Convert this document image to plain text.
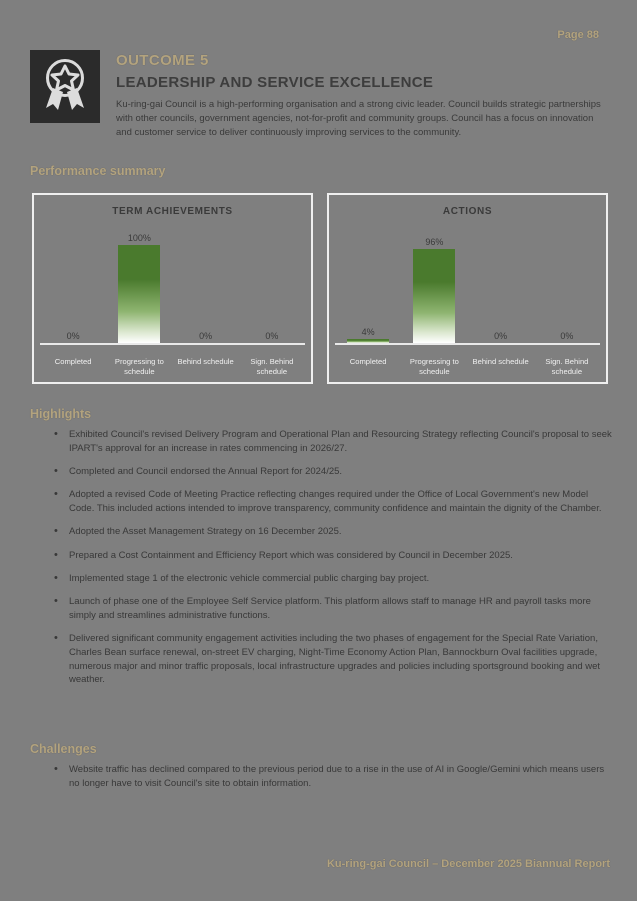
Page 88
OUTCOME 5
LEADERSHIP AND SERVICE EXCELLENCE
Ku-ring-gai Council is a high-performing organisation and a strong civic leader. Council builds strategic partnerships with other councils, government agencies, not-for-profit and community groups. Council has a focus on innovation and customer service to deliver continuously improving services to the community.
Performance summary
TERM ACHIEVEMENTS
0%
100%
0%	0%
Completed	Progressing to schedule
Behind schedule	Sign. Behind schedule
ACTIONS
4%
96%
0%	0%
Completed	Progressing to schedule
Behind schedule	Sign. Behind schedule
Highlights
• Exhibited Council's revised Delivery Program and Operational Plan and Resourcing Strategy reflecting Council's proposal to seek IPART's approval for an increase in rates commencing in 2026/27.
• Completed and Council endorsed the Annual Report for 2024/25.
• Adopted a revised Code of Meeting Practice reflecting changes required under the Office of Local Government's new Model Code. This included actions intended to improve transparency, community confidence and maintain the dignity of the Chamber.
• Adopted the Asset Management Strategy on 16 December 2025.
• Prepared a Cost Containment and Efficiency Report which was considered by Council in December 2025.
• Implemented stage 1 of the electronic vehicle commercial public charging bay project.
• Launch of phase one of the Employee Self Service platform. This platform allows staff to manage HR and payroll tasks more simply and streamlines administrative functions.
• Delivered significant community engagement activities including the two phases of engagement for the Special Rate Variation, Charles Bean surface renewal, on-street EV charging, Night-Time Economy Action Plan, Bannockburn Oval facilities upgrade, numerous major and minor traffic proposals, local infrastructure upgrades and policies including sportsground booking and wet weather.
Challenges
• Website traffic has declined compared to the previous period due to a rise in the use of AI in Google/Gemini which means users no longer have to visit Council's site to obtain information.
Ku-ring-gai Council – December 2025 Biannual Report
